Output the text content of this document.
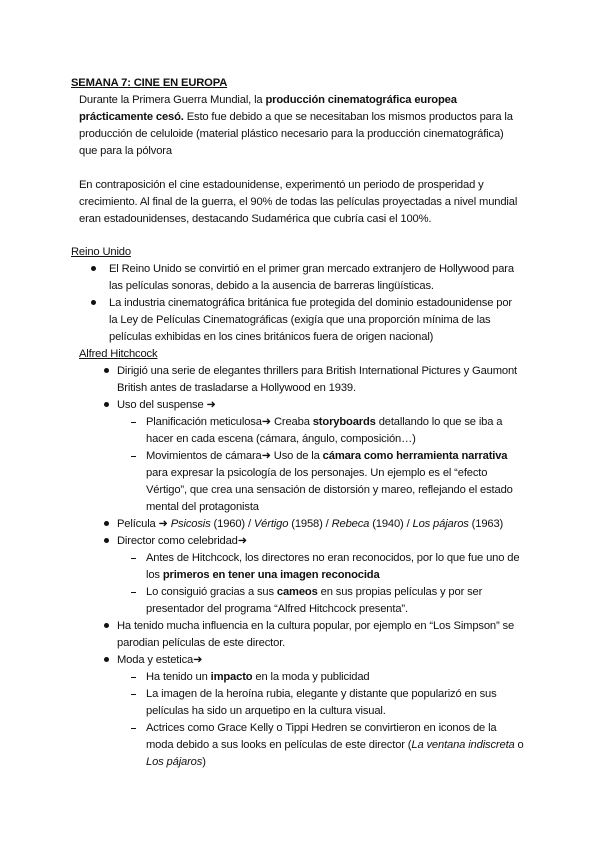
SEMANA 7: CINE EN EUROPA
Durante la Primera Guerra Mundial, la producción cinematográfica europea
prácticamente cesó. Esto fue debido a que se necesitaban los mismos productos para la
producción de celuloide (material plástico necesario para la producción cinematográfica)
que para la pólvora
En contraposición el cine estadounidense, experimentó un periodo de prosperidad y
crecimiento. Al final de la guerra, el 90% de todas las películas proyectadas a nivel mundial
eran estadounidenses, destacando Sudamérica que cubría casi el 100%.
Reino Unido
El Reino Unido se convirtió en el primer gran mercado extranjero de Hollywood para
las películas sonoras, debido a la ausencia de barreras lingüísticas.
La industria cinematográfica británica fue protegida del dominio estadounidense por
la Ley de Películas Cinematográficas (exigía que una proporción mínima de las
películas exhibidas en los cines británicos fuera de origen nacional)
Alfred Hitchcock
Dirigió una serie de elegantes thrillers para British International Pictures y Gaumont
British antes de trasladarse a Hollywood en 1939.
Uso del suspense ➜
Planificación meticulosa➜ Creaba storyboards detallando lo que se iba a
hacer en cada escena (cámara, ángulo, composición…)
Movimientos de cámara➜ Uso de la cámara como herramienta narrativa
para expresar la psicología de los personajes. Un ejemplo es el “efecto
Vértigo”, que crea una sensación de distorsión y mareo, reflejando el estado
mental del protagonista
Película ➜ Psicosis (1960) / Vértigo (1958) / Rebeca (1940) / Los pájaros (1963)
Director como celebridad➜
Antes de Hitchcock, los directores no eran reconocidos, por lo que fue uno de
los primeros en tener una imagen reconocida
Lo consiguió gracias a sus cameos en sus propias películas y por ser
presentador del programa “Alfred Hitchcock presenta”.
Ha tenido mucha influencia en la cultura popular, por ejemplo en “Los Simpson” se
parodian películas de este director.
Moda y estetica➜
Ha tenido un impacto en la moda y publicidad
La imagen de la heroína rubia, elegante y distante que popularizó en sus
películas ha sido un arquetipo en la cultura visual.
Actrices como Grace Kelly o Tippi Hedren se convirtieron en iconos de la
moda debido a sus looks en películas de este director (La ventana indiscreta o
Los pájaros)
